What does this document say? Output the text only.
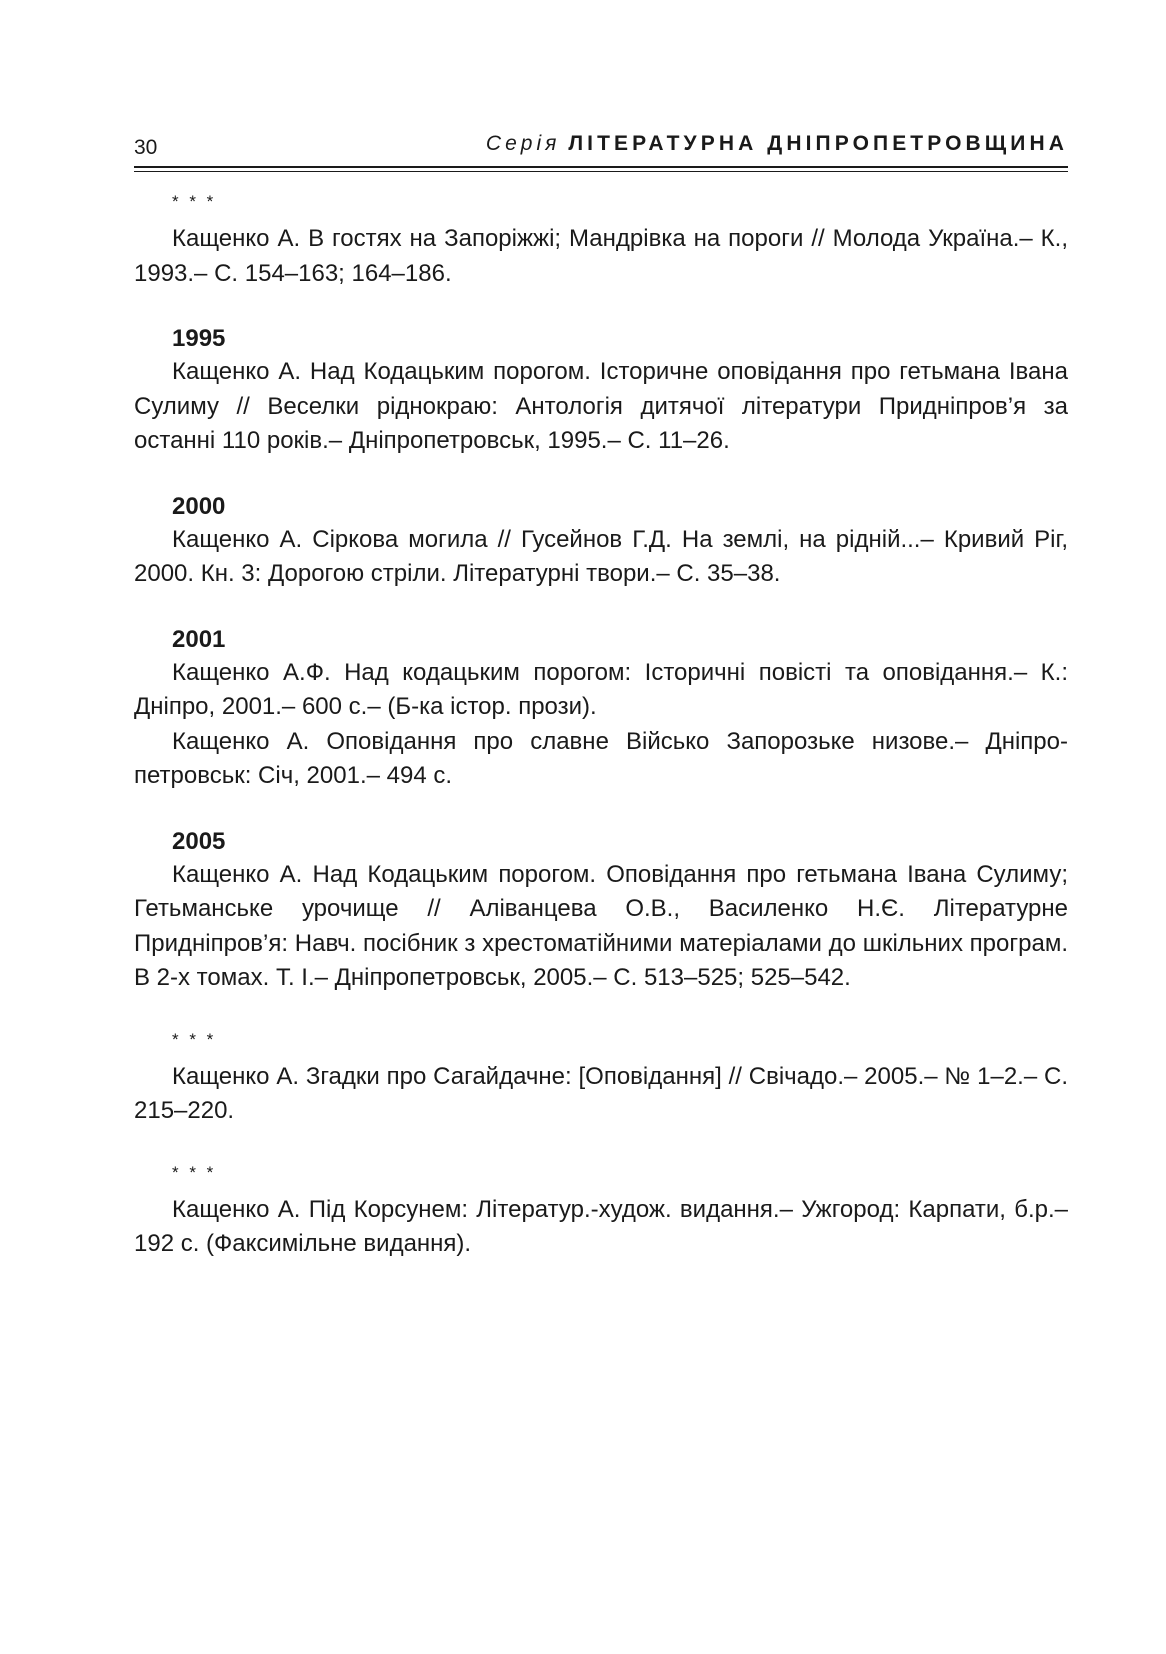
30	Серія ЛІТЕРАТУРНА ДНІПРОПЕТРОВЩИНА
* * *

Кащенко А. В гостях на Запоріжжі; Мандрівка на пороги // Молода Україна.– К., 1993.– С. 154–163; 164–186.

1995

Кащенко А. Над Кодацьким порогом. Історичне оповідання про гетьмана Івана Сулиму // Веселки ріднокраю: Антологія дитячої літератури Придніпров’я за останні 110 років.– Дніпропетровськ, 1995.– С. 11–26.

2000

Кащенко А. Сіркова могила // Гусейнов Г.Д. На землі, на рідній...– Кривий Ріг, 2000. Кн. 3: Дорогою стріли. Літературні твори.– С. 35–38.

2001

Кащенко А.Ф. Над кодацьким порогом: Історичні повісті та оповідання.– К.: Дніпро, 2001.– 600 с.– (Б-ка істор. прози).

Кащенко А. Оповідання про славне Військо Запорозьке низове.– Дніпропетровськ: Січ, 2001.– 494 с.

2005

Кащенко А. Над Кодацьким порогом. Оповідання про гетьмана Івана Сулиму; Гетьманське урочище // Аліванцева О.В., Василенко Н.Є. Літературне Придніпров’я: Навч. посібник з хрестоматійними матеріалами до шкільних програм. В 2-х томах. Т. I.– Дніпропетровськ, 2005.– С. 513–525; 525–542.

* * *

Кащенко А. Згадки про Сагайдачне: [Оповідання] // Свічадо.– 2005.– № 1–2.– С. 215–220.

* * *

Кащенко А. Під Корсунем: Літератур.-худож. видання.– Ужгород: Карпати, б.р.– 192 с. (Факсимільне видання).
